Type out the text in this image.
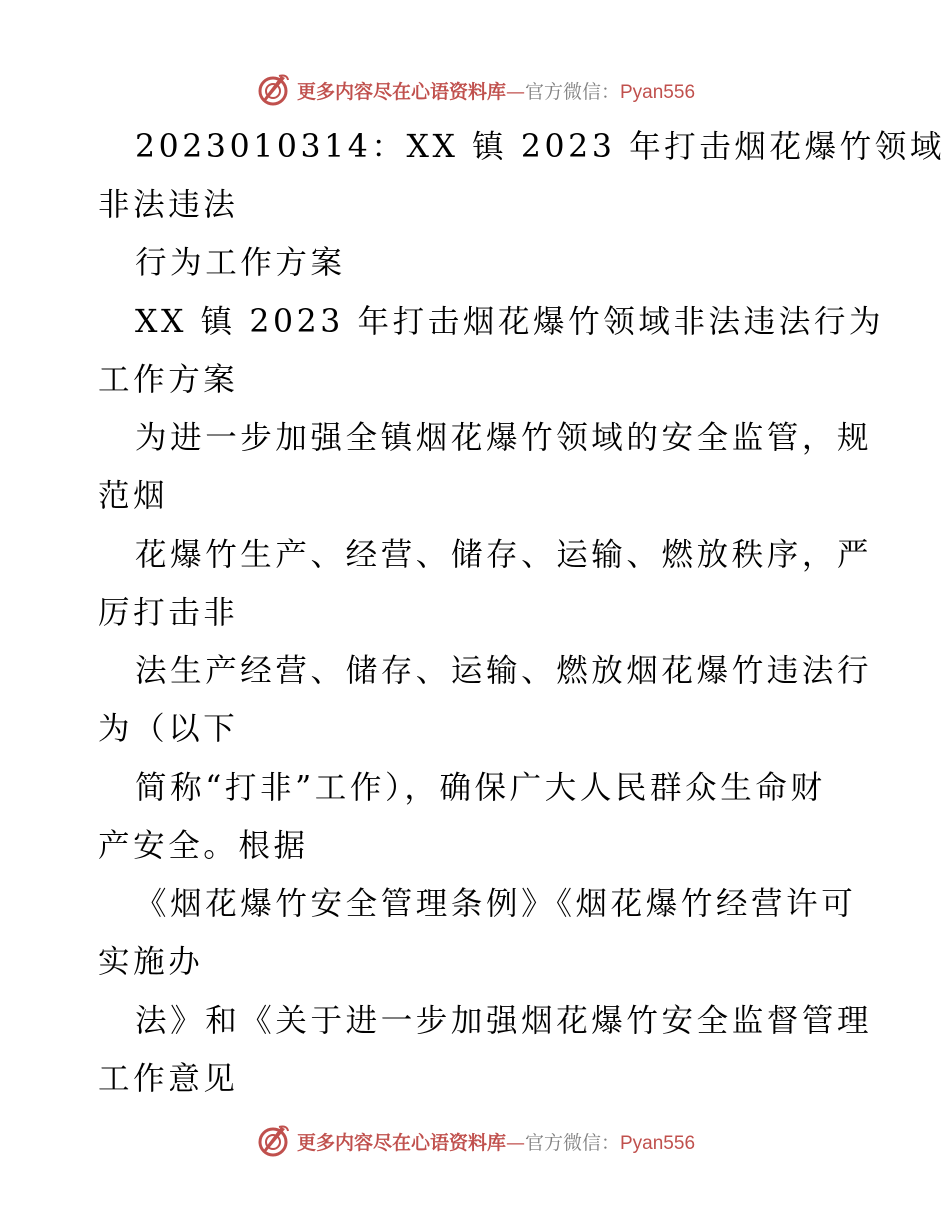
更多内容尽在心语资料库—官方微信：Pyan556
2023010314：XX 镇 2023 年打击烟花爆竹领域
非法违法
行为工作方案
XX 镇 2023 年打击烟花爆竹领域非法违法行为
工作方案
为进一步加强全镇烟花爆竹领域的安全监管，规
范烟
花爆竹生产、经营、储存、运输、燃放秩序，严
厉打击非
法生产经营、储存、运输、燃放烟花爆竹违法行
为（以下
简称“打非”工作），确保广大人民群众生命财
产安全。根据
《烟花爆竹安全管理条例》《烟花爆竹经营许可
实施办
法》和《关于进一步加强烟花爆竹安全监督管理
工作意见
更多内容尽在心语资料库—官方微信：Pyan556
